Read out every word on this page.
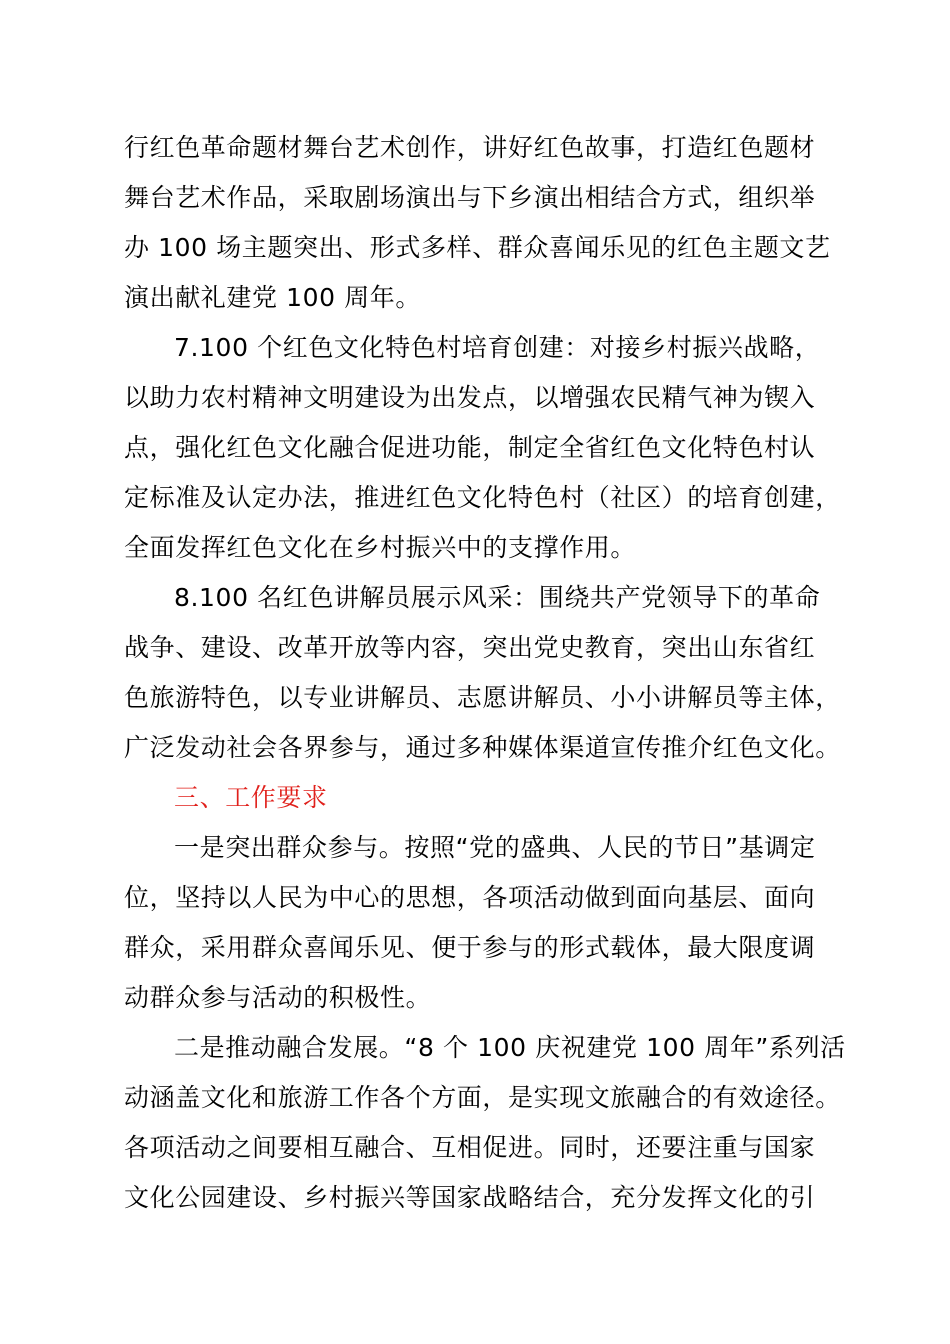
行红色革命题材舞台艺术创作，讲好红色故事，打造红色题材
舞台艺术作品，采取剧场演出与下乡演出相结合方式，组织举
办 100 场主题突出、形式多样、群众喜闻乐见的红色主题文艺
演出献礼建党 100 周年。
7.100 个红色文化特色村培育创建：对接乡村振兴战略，
以助力农村精神文明建设为出发点，以增强农民精气神为锲入
点，强化红色文化融合促进功能，制定全省红色文化特色村认
定标准及认定办法，推进红色文化特色村（社区）的培育创建，
全面发挥红色文化在乡村振兴中的支撑作用。
8.100 名红色讲解员展示风采：围绕共产党领导下的革命
战争、建设、改革开放等内容，突出党史教育，突出山东省红
色旅游特色，以专业讲解员、志愿讲解员、小小讲解员等主体，
广泛发动社会各界参与，通过多种媒体渠道宣传推介红色文化。
三、工作要求
一是突出群众参与。按照“党的盛典、人民的节日”基调定
位，坚持以人民为中心的思想，各项活动做到面向基层、面向
群众，采用群众喜闻乐见、便于参与的形式载体，最大限度调
动群众参与活动的积极性。
二是推动融合发展。“8 个 100 庆祝建党 100 周年”系列活
动涵盖文化和旅游工作各个方面，是实现文旅融合的有效途径。
各项活动之间要相互融合、互相促进。同时，还要注重与国家
文化公园建设、乡村振兴等国家战略结合，充分发挥文化的引
